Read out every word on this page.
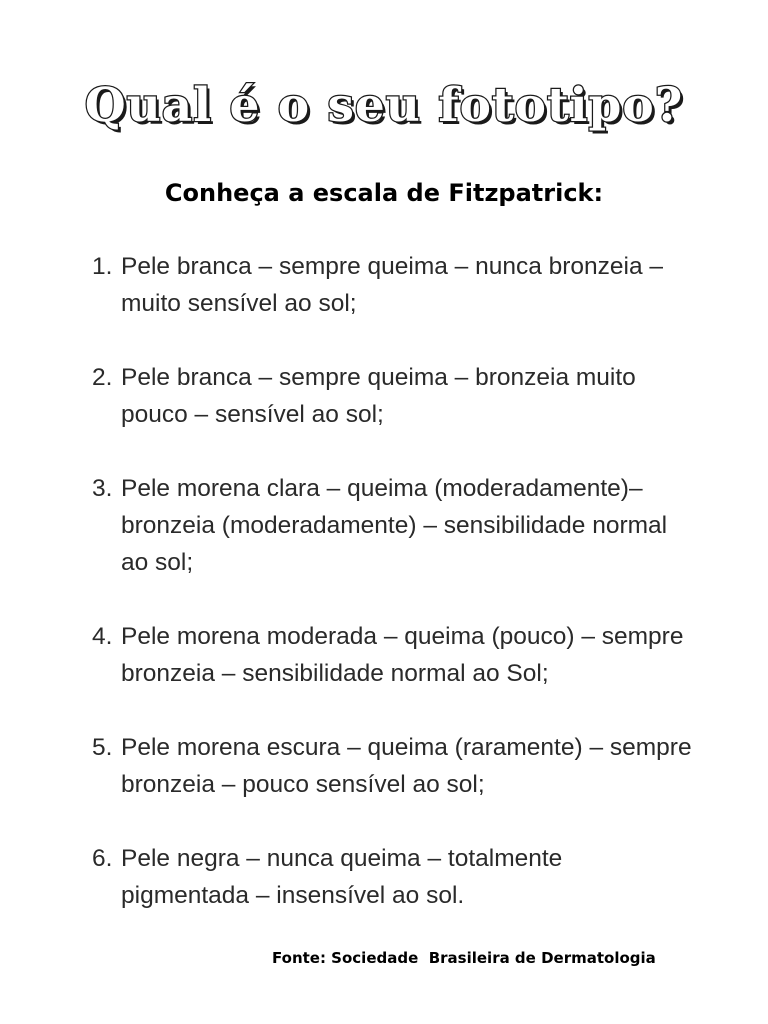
Qual é o seu fototipo?
Conheça a escala de Fitzpatrick:
1. Pele branca – sempre queima – nunca bronzeia – muito sensível ao sol;
2. Pele branca – sempre queima – bronzeia muito pouco – sensível ao sol;
3. Pele morena clara – queima (moderadamente)– bronzeia (moderadamente) – sensibilidade normal ao sol;
4. Pele morena moderada – queima (pouco) – sempre bronzeia – sensibilidade normal ao Sol;
5. Pele morena escura – queima (raramente) – sempre bronzeia – pouco sensível ao sol;
6. Pele negra – nunca queima – totalmente pigmentada – insensível ao sol.
Fonte: Sociedade  Brasileira de Dermatologia
